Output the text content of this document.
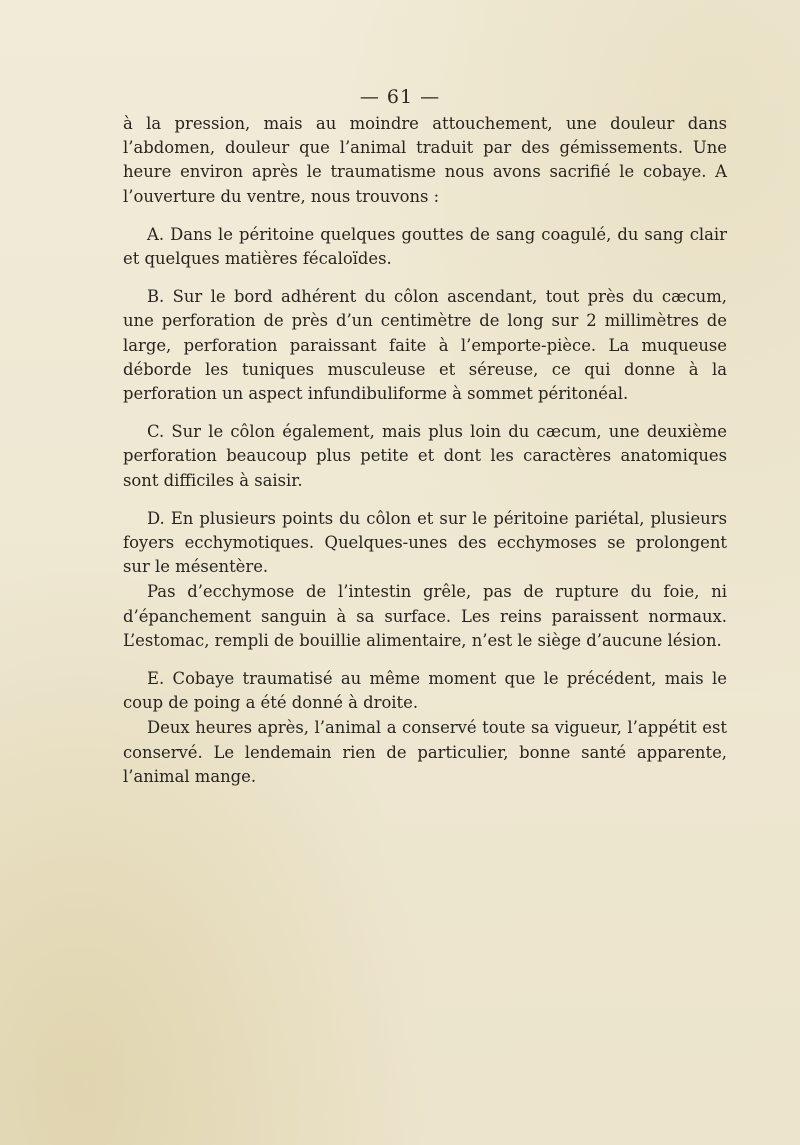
— 61 —

à la pression, mais au moindre attouchement, une douleur dans l’abdomen, douleur que l’animal traduit par des gémissements. Une heure environ après le traumatisme nous avons sacrifié le cobaye. A l’ouverture du ventre, nous trouvons :

A. Dans le péritoine quelques gouttes de sang coagulé, du sang clair et quelques matières fécaloïdes.

B. Sur le bord adhérent du côlon ascendant, tout près du cæcum, une perforation de près d’un centimètre de long sur 2 millimètres de large, perforation paraissant faite à l’emporte-pièce. La muqueuse déborde les tuniques musculeuse et séreuse, ce qui donne à la perforation un aspect infundibuliforme à sommet péritonéal.

C. Sur le côlon également, mais plus loin du cæcum, une deuxième perforation beaucoup plus petite et dont les caractères anatomiques sont difficiles à saisir.

D. En plusieurs points du côlon et sur le péritoine pariétal, plusieurs foyers ecchymotiques. Quelques-unes des ecchymoses se prolongent sur le mésentère.

Pas d’ecchymose de l’intestin grêle, pas de rupture du foie, ni d’épanchement sanguin à sa surface. Les reins paraissent normaux. L’estomac, rempli de bouillie alimentaire, n’est le siège d’aucune lésion.

E. Cobaye traumatisé au même moment que le précédent, mais le coup de poing a été donné à droite.

Deux heures après, l’animal a conservé toute sa vigueur, l’appétit est conservé. Le lendemain rien de particulier, bonne santé apparente, l’animal mange.
